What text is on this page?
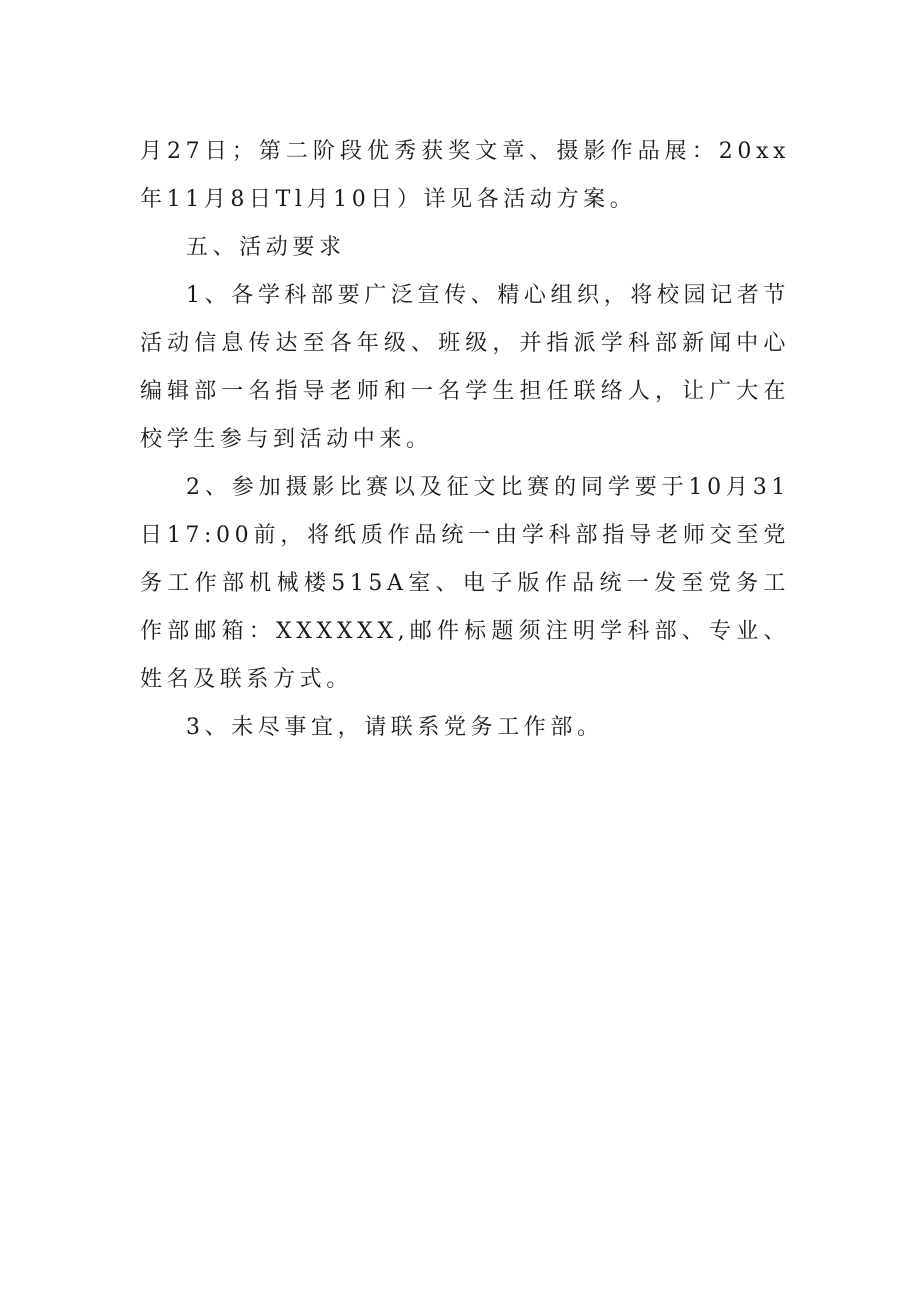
月27日；第二阶段优秀获奖文章、摄影作品展：20xx年11月8日Tl月10日）详见各活动方案。

五、活动要求

1、各学科部要广泛宣传、精心组织，将校园记者节活动信息传达至各年级、班级，并指派学科部新闻中心编辑部一名指导老师和一名学生担任联络人，让广大在校学生参与到活动中来。

2、参加摄影比赛以及征文比赛的同学要于10月31日17:00前，将纸质作品统一由学科部指导老师交至党务工作部机械楼515A室、电子版作品统一发至党务工作部邮箱：XXXXXX,邮件标题须注明学科部、专业、姓名及联系方式。

3、未尽事宜，请联系党务工作部。
